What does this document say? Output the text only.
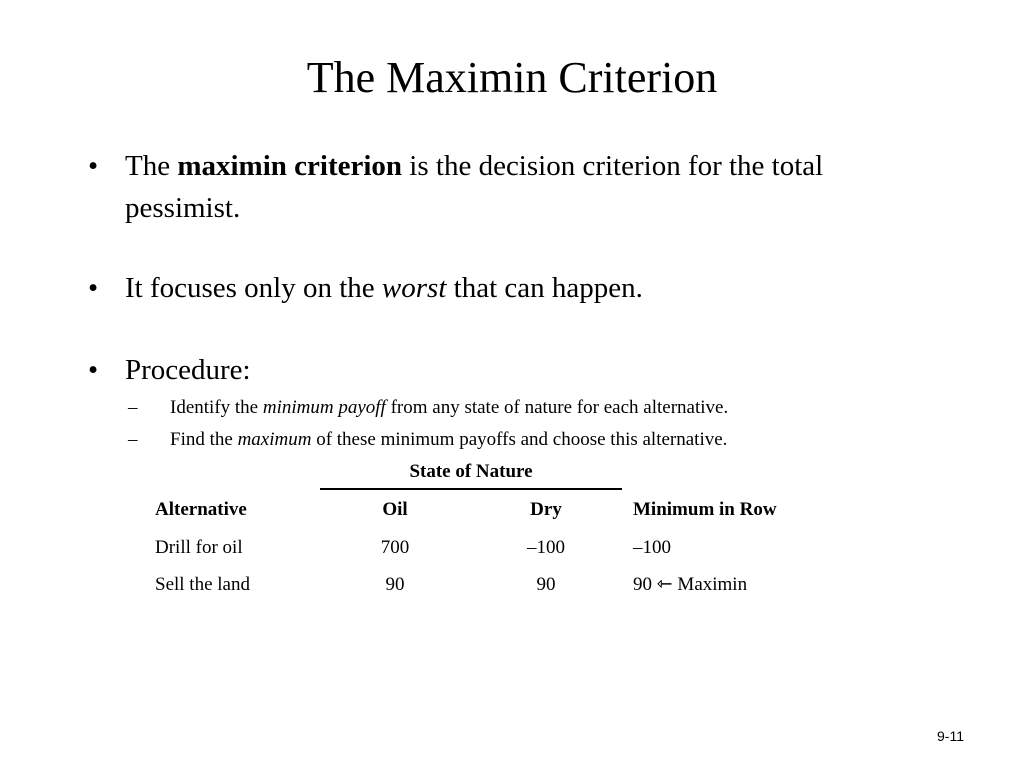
The Maximin Criterion
• The maximin criterion is the decision criterion for the total pessimist.
• It focuses only on the worst that can happen.
• Procedure:
– Identify the minimum payoff from any state of nature for each alternative.
– Find the maximum of these minimum payoffs and choose this alternative.
State of Nature
Alternative	Oil	Dry	Minimum in Row
Drill for oil	700	–100	–100
Sell the land	90	90	90 ⇽ Maximin
9-11
